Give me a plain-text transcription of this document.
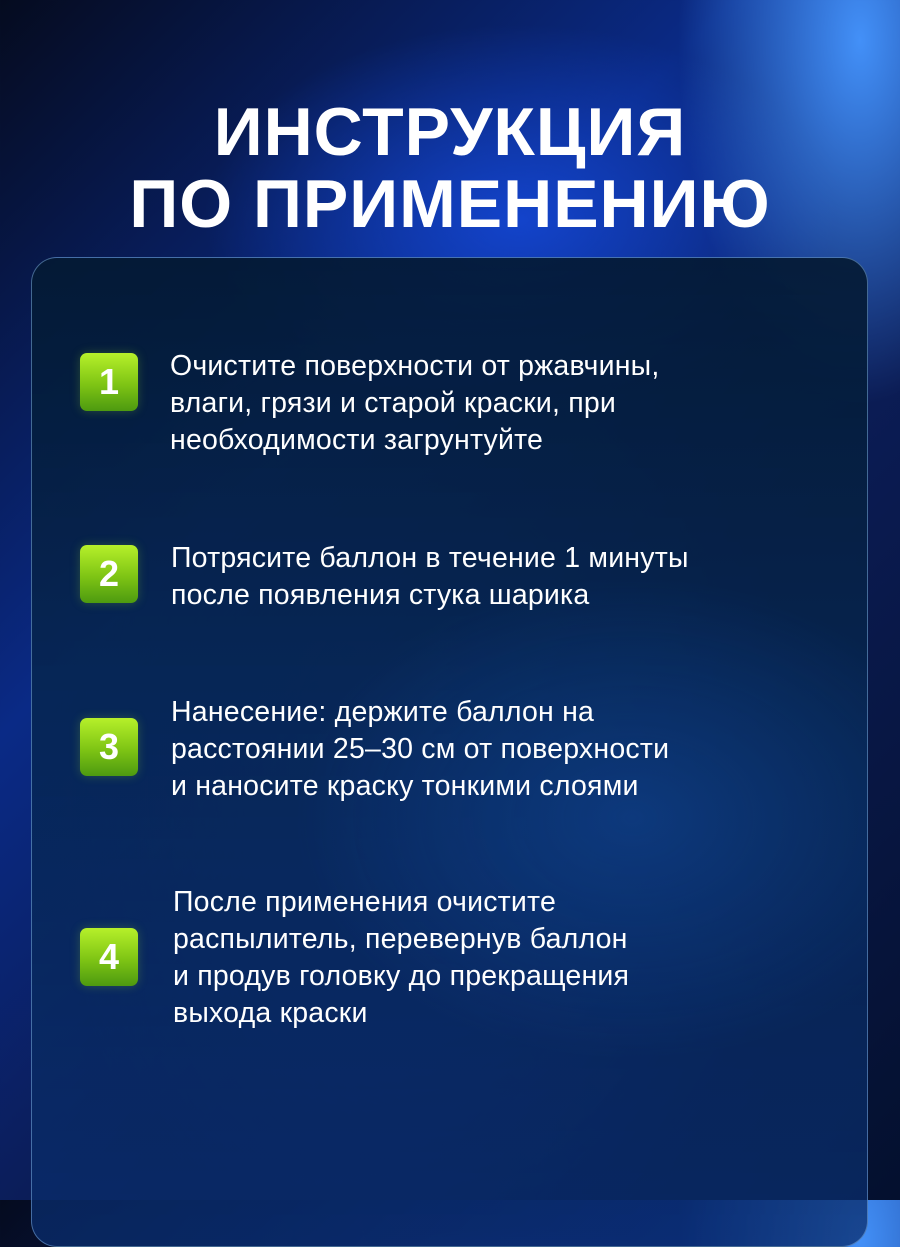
ИНСТРУКЦИЯ
ПО ПРИМЕНЕНИЮ
1	Очистите поверхности от ржавчины,
влаги, грязи и старой краски, при
необходимости загрунтуйте
2	Потрясите баллон в течение 1 минуты
после появления стука шарика
3
Нанесение: держите баллон на
расстоянии 25–30 см от поверхности
и наносите краску тонкими слоями
4
После применения очистите
распылитель, перевернув баллон
и продув головку до прекращения
выхода краски
